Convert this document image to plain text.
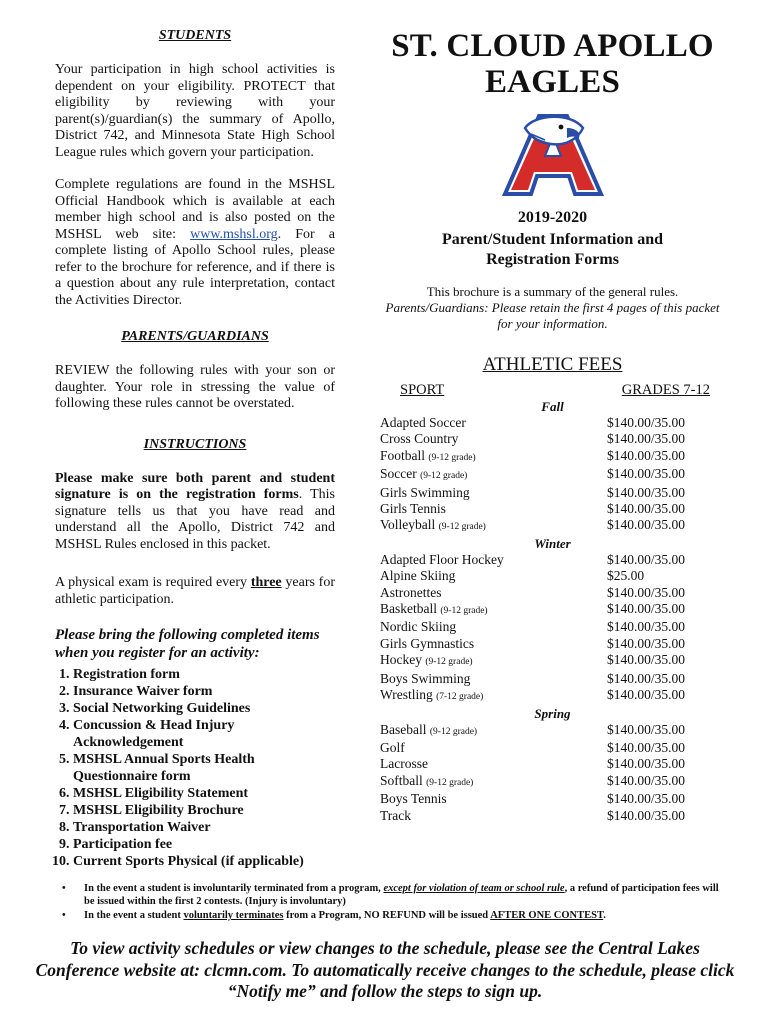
STUDENTS

Your participation in high school activities is dependent on your eligibility. PROTECT that eligibility by reviewing with your parent(s)/guardian(s) the summary of Apollo, District 742, and Minnesota State High School League rules which govern your participation.

Complete regulations are found in the MSHSL Official Handbook which is available at each member high school and is also posted on the MSHSL web site: www.mshsl.org. For a complete listing of Apollo School rules, please refer to the brochure for reference, and if there is a question about any rule interpretation, contact the Activities Director.

PARENTS/GUARDIANS

REVIEW the following rules with your son or daughter. Your role in stressing the value of following these rules cannot be overstated.

INSTRUCTIONS

Please make sure both parent and student signature is on the registration forms. This signature tells us that you have read and understand all the Apollo, District 742 and MSHSL Rules enclosed in this packet.

A physical exam is required every three years for athletic participation.

Please bring the following completed items when you register for an activity:
1. Registration form
2. Insurance Waiver form
3. Social Networking Guidelines
4. Concussion & Head Injury Acknowledgement
5. MSHSL Annual Sports Health Questionnaire form
6. MSHSL Eligibility Statement
7. MSHSL Eligibility Brochure
8. Transportation Waiver
9. Participation fee
10. Current Sports Physical (if applicable)
ST. CLOUD APOLLO
EAGLES
A
2019-2020
Parent/Student Information and
Registration Forms
This brochure is a summary of the general rules.
Parents/Guardians: Please retain the first 4 pages of this packet for your information.
ATHLETIC FEES
SPORT	GRADES 7-12
Fall
Adapted Soccer	$140.00/35.00
Cross Country	$140.00/35.00
Football (9-12 grade)	$140.00/35.00
Soccer (9-12 grade)	$140.00/35.00
Girls Swimming	$140.00/35.00
Girls Tennis	$140.00/35.00
Volleyball (9-12 grade)	$140.00/35.00
Winter
Adapted Floor Hockey	$140.00/35.00
Alpine Skiing	$25.00
Astronettes	$140.00/35.00
Basketball (9-12 grade)	$140.00/35.00
Nordic Skiing	$140.00/35.00
Girls Gymnastics	$140.00/35.00
Hockey (9-12 grade)	$140.00/35.00
Boys Swimming	$140.00/35.00
Wrestling (7-12 grade)	$140.00/35.00
Spring
Baseball (9-12 grade)	$140.00/35.00
Golf	$140.00/35.00
Lacrosse	$140.00/35.00
Softball (9-12 grade)	$140.00/35.00
Boys Tennis	$140.00/35.00
Track	$140.00/35.00
•	In the event a student is involuntarily terminated from a program, except for violation of team or school rule, a refund of participation fees will be issued within the first 2 contests. (Injury is involuntary)
•	In the event a student voluntarily terminates from a Program, NO REFUND will be issued AFTER ONE CONTEST.
To view activity schedules or view changes to the schedule, please see the Central Lakes Conference website at: clcmn.com. To automatically receive changes to the schedule, please click “Notify me” and follow the steps to sign up.
